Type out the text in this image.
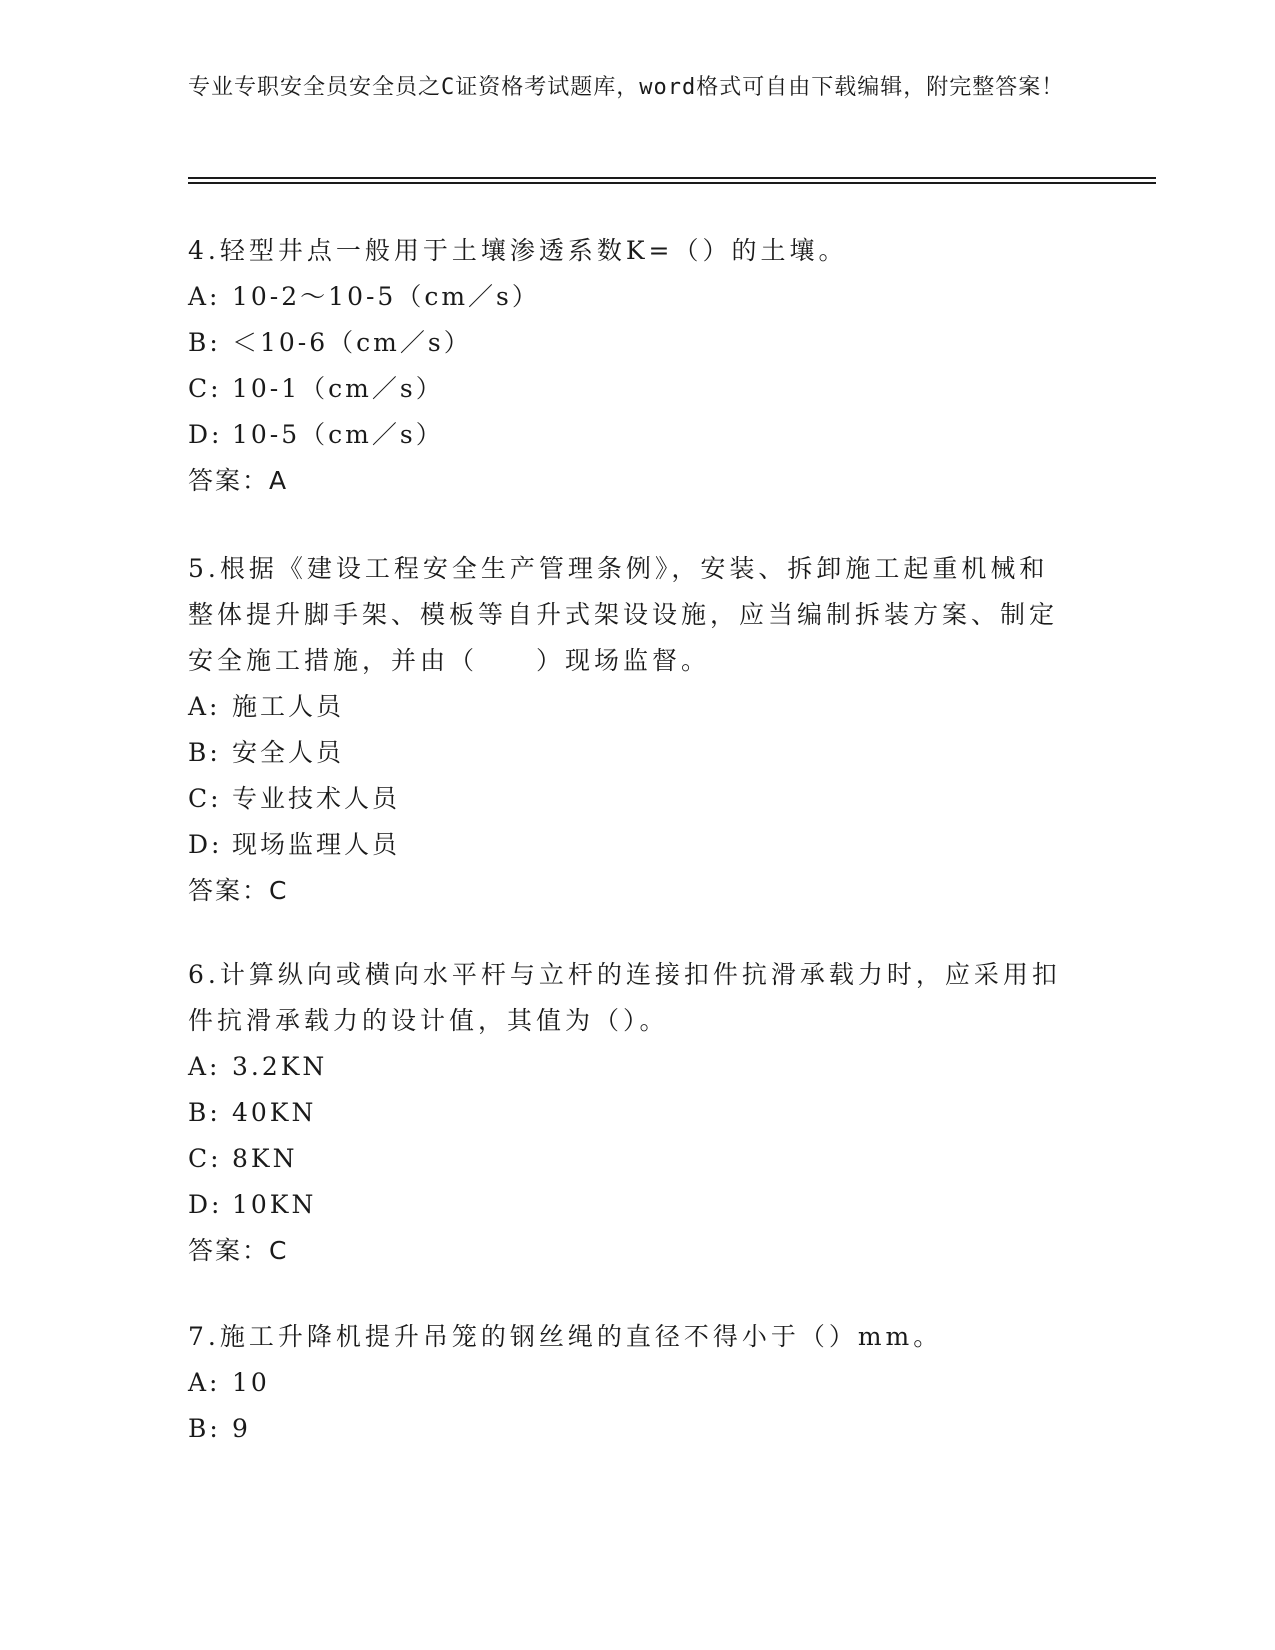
专业专职安全员安全员之C证资格考试题库，word格式可自由下载编辑，附完整答案！
4.轻型井点一般用于土壤渗透系数K=（）的土壤。
A: 10-2～10-5（cm／s）
B: ＜10-6（cm／s）
C: 10-1（cm／s）
D: 10-5（cm／s）
答案：A
5.根据《建设工程安全生产管理条例》，安装、拆卸施工起重机械和整体提升脚手架、模板等自升式架设设施，应当编制拆装方案、制定安全施工措施，并由（　　）现场监督。
A: 施工人员
B: 安全人员
C: 专业技术人员
D: 现场监理人员
答案：C
6.计算纵向或横向水平杆与立杆的连接扣件抗滑承载力时，应采用扣件抗滑承载力的设计值，其值为（）。
A: 3.2KN
B: 40KN
C: 8KN
D: 10KN
答案：C
7.施工升降机提升吊笼的钢丝绳的直径不得小于（）mm。
A: 10
B: 9
